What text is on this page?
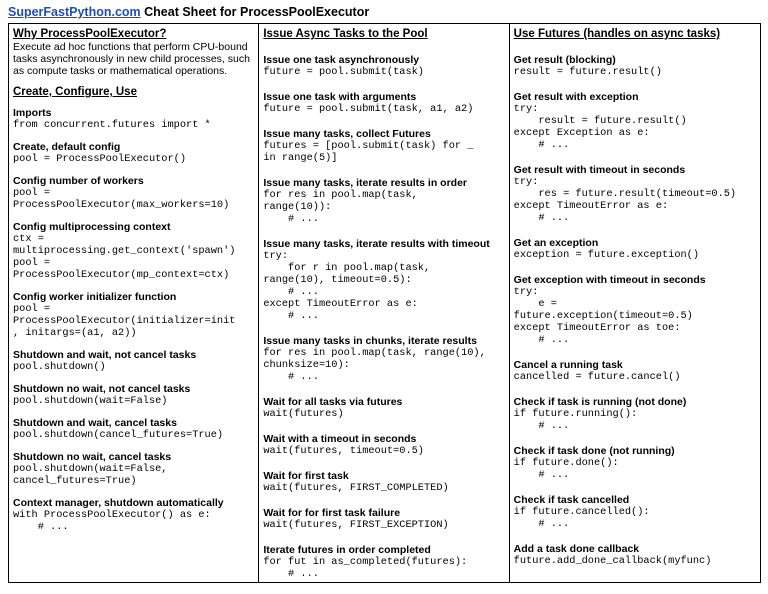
SuperFastPython.com Cheat Sheet for ProcessPoolExecutor
Why ProcessPoolExecutor?
Execute ad hoc functions that perform CPU-bound tasks asynchronously in new child processes, such as compute tasks or mathematical operations.
Create, Configure, Use
Imports
from concurrent.futures import *
Create, default config
pool = ProcessPoolExecutor()
Config number of workers
pool =
ProcessPoolExecutor(max_workers=10)
Config multiprocessing context
ctx =
multiprocessing.get_context('spawn')
pool =
ProcessPoolExecutor(mp_context=ctx)
Config worker initializer function
pool =
ProcessPoolExecutor(initializer=init
, initargs=(a1, a2))
Shutdown and wait, not cancel tasks
pool.shutdown()
Shutdown no wait, not cancel tasks
pool.shutdown(wait=False)
Shutdown and wait, cancel tasks
pool.shutdown(cancel_futures=True)
Shutdown no wait, cancel tasks
pool.shutdown(wait=False,
cancel_futures=True)
Context manager, shutdown automatically
with ProcessPoolExecutor() as e:
# ...
Issue Async Tasks to the Pool
Issue one task asynchronously
future = pool.submit(task)
Issue one task with arguments
future = pool.submit(task, a1, a2)
Issue many tasks, collect Futures
futures = [pool.submit(task) for _
in range(5)]
Issue many tasks, iterate results in order
for res in pool.map(task,
range(10)):
# ...
Issue many tasks, iterate results with timeout
try:
for r in pool.map(task,
range(10), timeout=0.5):
# ...
except TimeoutError as e:
# ...
Issue many tasks in chunks, iterate results
for res in pool.map(task, range(10),
chunksize=10):
# ...
Wait for all tasks via futures
wait(futures)
Wait with a timeout in seconds
wait(futures, timeout=0.5)
Wait for first task
wait(futures, FIRST_COMPLETED)
Wait for for first task failure
wait(futures, FIRST_EXCEPTION)
Iterate futures in order completed
for fut in as_completed(futures):
# ...
Use Futures (handles on async tasks)
Get result (blocking)
result = future.result()
Get result with exception
try:
result = future.result()
except Exception as e:
# ...
Get result with timeout in seconds
try:
res = future.result(timeout=0.5)
except TimeoutError as e:
# ...
Get an exception
exception = future.exception()
Get exception with timeout in seconds
try:
e =
future.exception(timeout=0.5)
except TimeoutError as toe:
# ...
Cancel a running task
cancelled = future.cancel()
Check if task is running (not done)
if future.running():
# ...
Check if task done (not running)
if future.done():
# ...
Check if task cancelled
if future.cancelled():
# ...
Add a task done callback
future.add_done_callback(myfunc)
